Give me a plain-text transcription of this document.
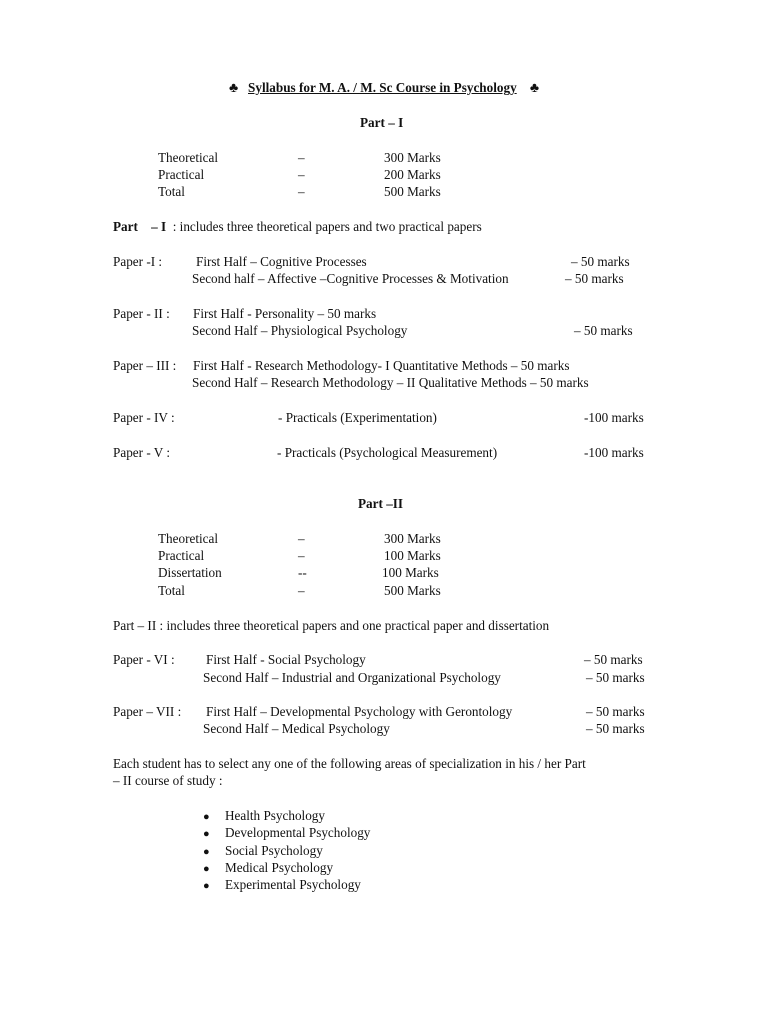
♣ Syllabus for M. A. / M. Sc Course in Psychology ♣
Part – I
Theoretical	–	300 Marks
Practical	–	200 Marks
Total	–	500 Marks
Part – I : includes three theoretical papers and two practical papers
Paper -I :	First Half – Cognitive Processes	– 50 marks
Second half – Affective –Cognitive Processes & Motivation	– 50 marks
Paper - II : First Half - Personality – 50 marks
Second Half – Physiological Psychology	– 50 marks
Paper – III : First Half - Research Methodology- I Quantitative Methods – 50 marks
Second Half – Research Methodology – II Qualitative Methods – 50 marks
Paper - IV :	- Practicals (Experimentation)	-100 marks
Paper - V :	- Practicals (Psychological Measurement)	-100 marks
Part –II
Theoretical	–	300 Marks
Practical	–	100 Marks
Dissertation	--	100 Marks
Total	–	500 Marks
Part – II : includes three theoretical papers and one practical paper and dissertation
Paper - VI : First Half - Social Psychology	– 50 marks
Second Half – Industrial and Organizational Psychology	– 50 marks
Paper – VII : First Half – Developmental Psychology with Gerontology	– 50 marks
Second Half – Medical Psychology	– 50 marks
Each student has to select any one of the following areas of specialization in his / her Part
– II course of study :
● Health Psychology
● Developmental Psychology
● Social Psychology
● Medical Psychology
● Experimental Psychology
